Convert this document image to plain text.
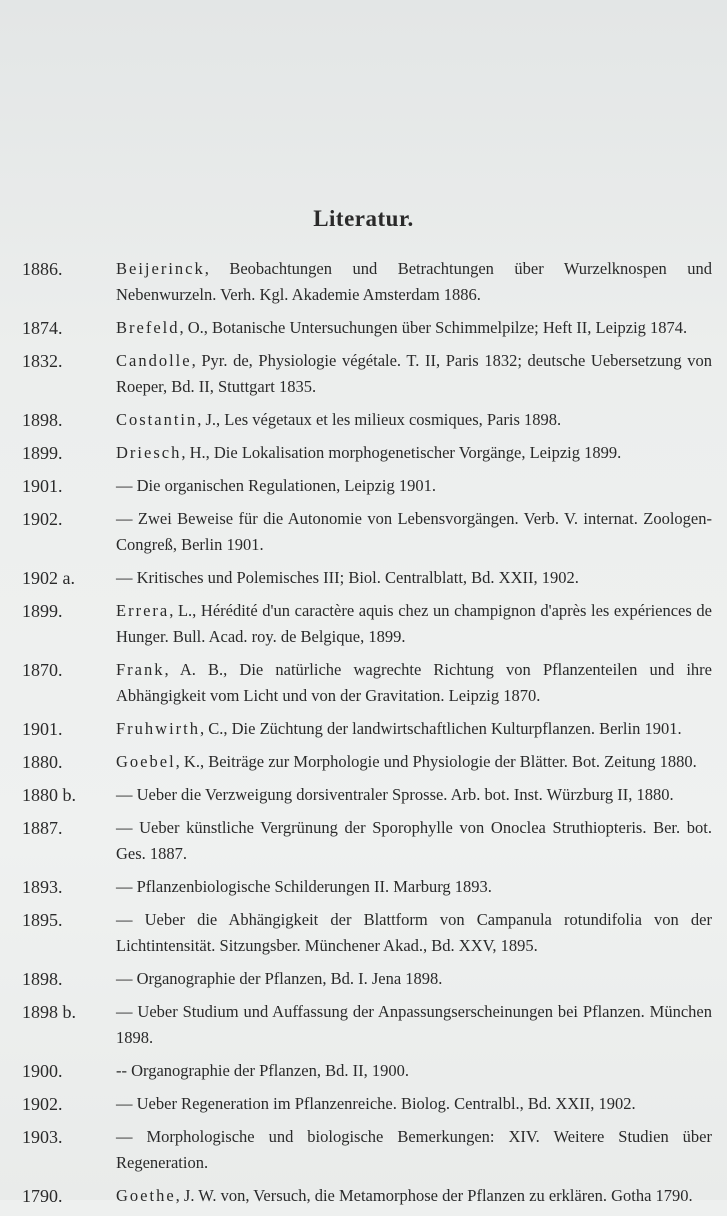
Literatur.
1886.	Beijerinck, Beobachtungen und Betrachtungen über Wurzelknospen und Nebenwurzeln. Verh. Kgl. Akademie Amsterdam 1886.
1874.	Brefeld, O., Botanische Untersuchungen über Schimmelpilze; Heft II, Leipzig 1874.
1832.	Candolle, Pyr. de, Physiologie végétale. T. II, Paris 1832; deutsche Uebersetzung von Roeper, Bd. II, Stuttgart 1835.
1898.	Costantin, J., Les végetaux et les milieux cosmiques, Paris 1898.
1899.	Driesch, H., Die Lokalisation morphogenetischer Vorgänge, Leipzig 1899.
1901.	— Die organischen Regulationen, Leipzig 1901.
1902.	— Zwei Beweise für die Autonomie von Lebensvorgängen. Verb. V. internat. Zoologen-Congreß, Berlin 1901.
1902 a.	— Kritisches und Polemisches III; Biol. Centralblatt, Bd. XXII, 1902.
1899.	Errera, L., Hérédité d'un caractère aquis chez un champignon d'après les expériences de Hunger. Bull. Acad. roy. de Belgique, 1899.
1870.	Frank, A. B., Die natürliche wagrechte Richtung von Pflanzenteilen und ihre Abhängigkeit vom Licht und von der Gravitation. Leipzig 1870.
1901.	Fruhwirth, C., Die Züchtung der landwirtschaftlichen Kulturpflanzen. Berlin 1901.
1880.	Goebel, K., Beiträge zur Morphologie und Physiologie der Blätter. Bot. Zeitung 1880.
1880 b.	— Ueber die Verzweigung dorsiventraler Sprosse. Arb. bot. Inst. Würzburg II, 1880.
1887.	— Ueber künstliche Vergrünung der Sporophylle von Onoclea Struthiopteris. Ber. bot. Ges. 1887.
1893.	— Pflanzenbiologische Schilderungen II. Marburg 1893.
1895.	— Ueber die Abhängigkeit der Blattform von Campanula rotundifolia von der Lichtintensität. Sitzungsber. Münchener Akad., Bd. XXV, 1895.
1898.	— Organographie der Pflanzen, Bd. I. Jena 1898.
1898 b.	— Ueber Studium und Auffassung der Anpassungserscheinungen bei Pflanzen. München 1898.
1900.	-- Organographie der Pflanzen, Bd. II, 1900.
1902.	— Ueber Regeneration im Pflanzenreiche. Biolog. Centralbl., Bd. XXII, 1902.
1903.	— Morphologische und biologische Bemerkungen: XIV. Weitere Studien über Regeneration.
1790.	Goethe, J. W. von, Versuch, die Metamorphose der Pflanzen zu erklären. Gotha 1790.
